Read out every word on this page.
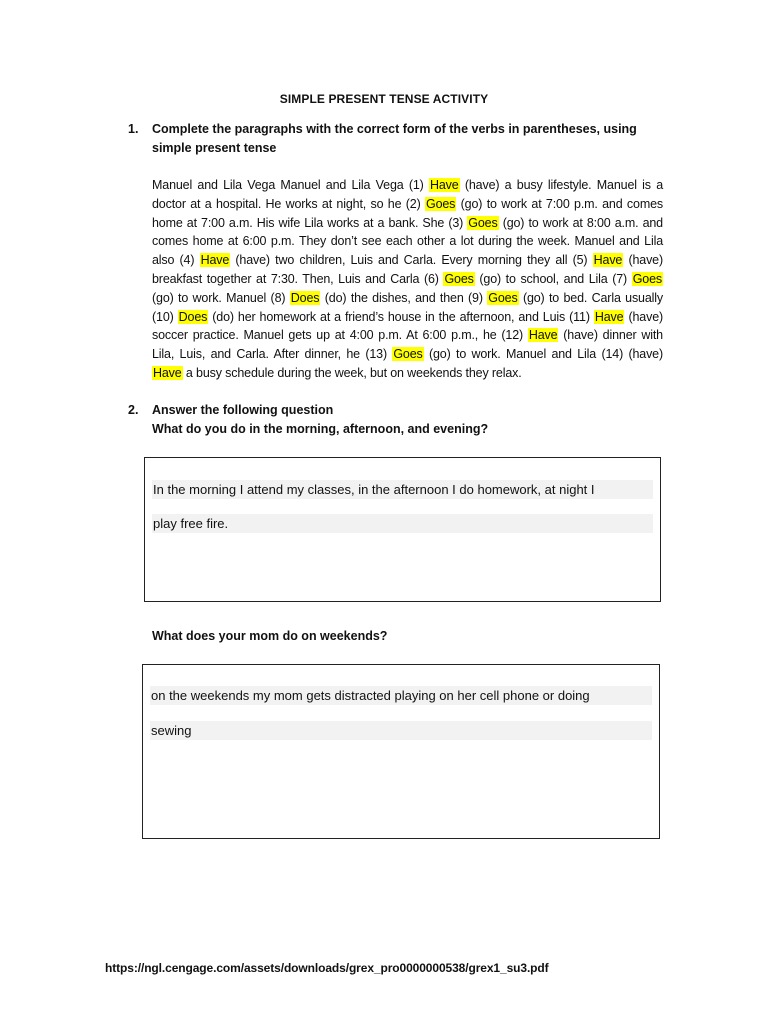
SIMPLE PRESENT TENSE ACTIVITY
1. Complete the paragraphs with the correct form of the verbs in parentheses, using simple present tense
Manuel and Lila Vega Manuel and Lila Vega (1) Have (have) a busy lifestyle. Manuel is a doctor at a hospital. He works at night, so he (2) Goes (go) to work at 7:00 p.m. and comes home at 7:00 a.m. His wife Lila works at a bank. She (3) Goes (go) to work at 8:00 a.m. and comes home at 6:00 p.m. They don’t see each other a lot during the week. Manuel and Lila also (4) Have (have) two children, Luis and Carla. Every morning they all (5) Have (have) breakfast together at 7:30. Then, Luis and Carla (6) Goes (go) to school, and Lila (7) Goes (go) to work. Manuel (8) Does (do) the dishes, and then (9) Goes (go) to bed. Carla usually (10) Does (do) her homework at a friend’s house in the afternoon, and Luis (11) Have (have) soccer practice. Manuel gets up at 4:00 p.m. At 6:00 p.m., he (12) Have (have) dinner with Lila, Luis, and Carla. After dinner, he (13) Goes (go) to work. Manuel and Lila (14) (have) Have a busy schedule during the week, but on weekends they relax.
2. Answer the following question
What do you do in the morning, afternoon, and evening?
In the morning I attend my classes, in the afternoon I do homework, at night I
play free fire.
What does your mom do on weekends?
on the weekends my mom gets distracted playing on her cell phone or doing
sewing
https://ngl.cengage.com/assets/downloads/grex_pro0000000538/grex1_su3.pdf
